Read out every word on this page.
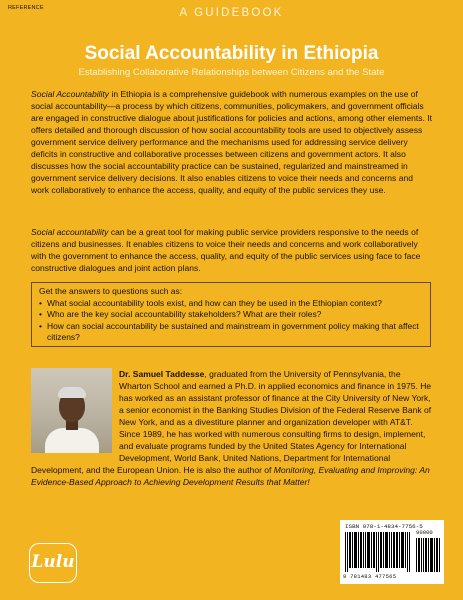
REFERENCE	A GUIDEBOOK
Social Accountability in Ethiopia
Establishing Collaborative Relationships between Citizens and the State

Social Accountability in Ethiopia is a comprehensive guidebook with numerous examples on the use of social accountability—a process by which citizens, communities, policymakers, and government officials are engaged in constructive dialogue about justifications for policies and actions, among other elements. It offers detailed and thorough discussion of how social accountability tools are used to objectively assess government service delivery performance and the mechanisms used for addressing service delivery deficits in constructive and collaborative processes between citizens and government actors. It also discusses how the social accountability practice can be sustained, regularized and mainstreamed in government service delivery decisions. It also enables citizens to voice their needs and concerns and work collaboratively to enhance the access, quality, and equity of the public services they use.

Social accountability can be a great tool for making public service providers responsive to the needs of citizens and businesses. It enables citizens to voice their needs and concerns and work collaboratively with the government to enhance the access, quality, and equity of the public services using face to face constructive dialogues and joint action plans.

Get the answers to questions such as:
• What social accountability tools exist, and how can they be used in the Ethiopian context?
• Who are the key social accountability stakeholders? What are their roles?
• How can social accountability be sustained and mainstream in government policy making that affect citizens?

Dr. Samuel Taddesse, graduated from the University of Pennsylvania, the Wharton School and earned a Ph.D. in applied economics and finance in 1975. He has worked as an assistant professor of finance at the City University of New York, a senior economist in the Banking Studies Division of the Federal Reserve Bank of New York, and as a divestiture planner and organization developer with AT&T. Since 1989, he has worked with numerous consulting firms to design, implement, and evaluate programs funded by the United States Agency for International Development, World Bank, United Nations, Department for International Development, and the European Union. He is also the author of Monitoring, Evaluating and Improving: An Evidence-Based Approach to Achieving Development Results that Matter!

Lulu
ISBN 978-1-4834-7756-5
90000
9 781483 477565
